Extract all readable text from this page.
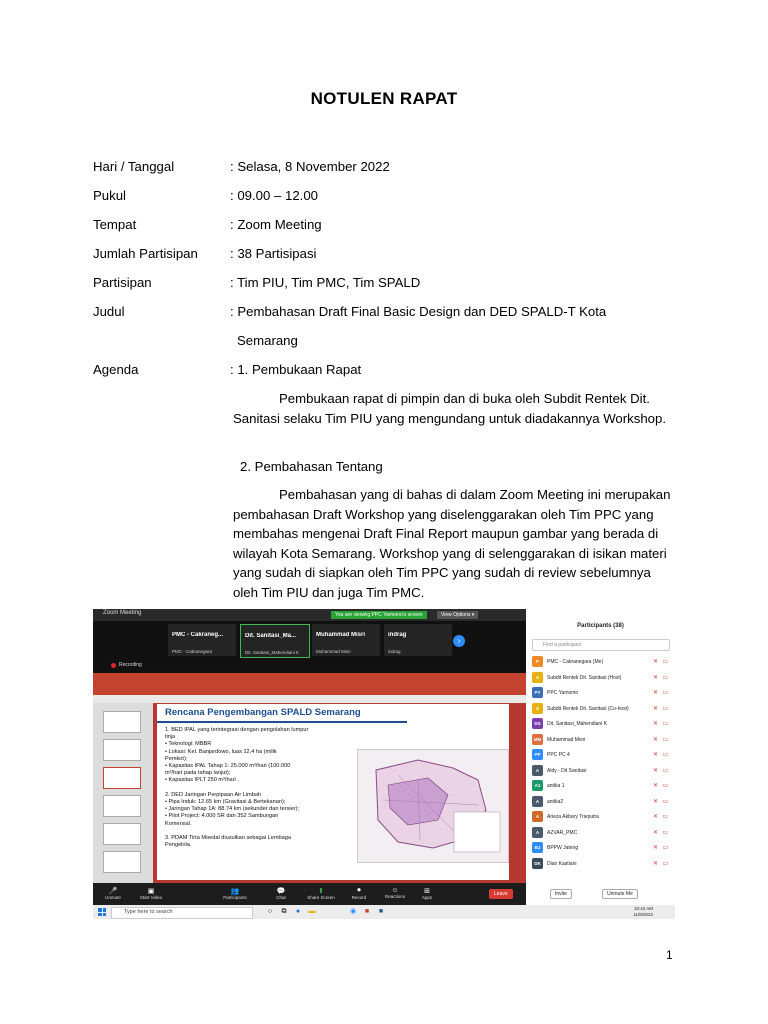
NOTULEN RAPAT
Hari / Tanggal	: Selasa, 8 November 2022
Pukul	: 09.00 – 12.00
Tempat	: Zoom Meeting
Jumlah Partisipan : 38 Partisipasi
Partisipan	: Tim PIU, Tim PMC, Tim SPALD
Judul	: Pembahasan Draft Final Basic Design dan DED SPALD-T Kota
Semarang
Agenda	: 1. Pembukaan Rapat
Pembukaan rapat di pimpin dan di buka oleh Subdit Rentek Dit. Sanitasi selaku Tim PIU yang mengundang untuk diadakannya Workshop.
2. Pembahasan Tentang
Pembahasan yang di bahas di dalam Zoom Meeting ini merupakan pembahasan Draft Workshop yang diselenggarakan oleh Tim PPC yang membahas mengenai Draft Final Report maupun gambar yang berada di wilayah Kota Semarang. Workshop yang di selenggarakan di isikan materi yang sudah di siapkan oleh Tim PPC yang sudah di review sebelumnya oleh Tim PIU dan juga Tim PMC.
Zoom Meeting	You are viewing PPC Yamomo's screen	View Options ▾
PMC - Cakraneg...
PMC - Cakranegara
Dit. Sanitasi_Ma...
Dit. Sanitasi_Mahendiani K
Muhammad Misri
Muhammad Misri
indrag
indrag
›
Recording
Rencana Pengembangan SPALD Semarang
1. BED IPAL yang terintegrasi dengan pengolahan lumpur
tinja
• Teknologi: MBBR
• Lokasi: Kel. Banjardowo, luas 12,4 ha (milik
Pemkot);
• Kapasitas IPAL Tahap 1: 25.000 m³/hari (100.000
m³/hari pada tahap lanjut);
• Kapasitas IPLT 250 m³/hari .

2. DED Jaringan Perpipaan Air Limbah
• Pipa Induk: 12.65 km (Gravitasi & Bertekanan);
• Jaringan Tahap 1A: 88.74 km (sekunder dan tersier);
• Pilot Project: 4.000 SR dan 352 Sambungan
Komersial.

3. PDAM Tirta Moedal diusulkan sebagai Lembaga
Pengelola.
🎤
Unmute
▣
Start Video
👥
Participants
💬
Chat
⬆
Share Screen
⏺
Record
☺
Reactions
⊞
Apps
Leave
Participants (38)
Find a participant
P	PMC - Cakranegara (Me)	✕ ▭
S	Subdit Rentek Dit. Sanitasi (Host)	✕ ▭
PY	PPC Yamomo	✕ ▭
S	Subdit Rentek Dit. Sanitasi (Co-host)	✕ ▭
DS	Dit. Sanitasi_Mahendiani K	✕ ▭
MM	Muhammad Misri	✕ ▭
PP	PPC PC 4	✕ ▭
A	Aldy - Dit Sanitasi	✕ ▭
A1	antika 1	✕ ▭
A	antika2	✕ ▭
A	Arieza Akbary Trieputra	✕ ▭
A	AZVAR_PMC	✕ ▭
BJ	BPPW Jateng	✕ ▭
DK	Dian Kastiani	✕ ▭
Invite	Unmute Me
Type here to search	○	⧉	●	▬	◉	■	■	10:42 AM
11/8/2022
1
